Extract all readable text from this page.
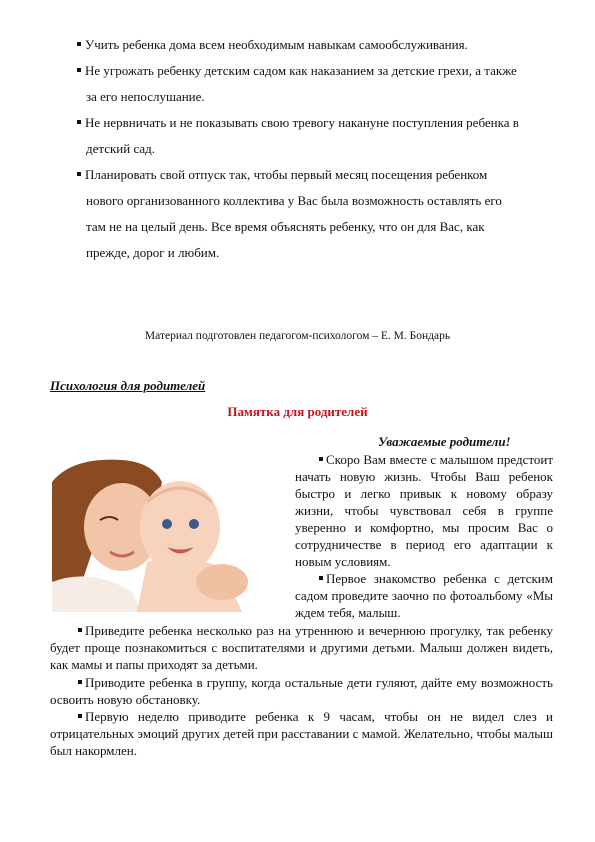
Учить ребенка дома всем необходимым навыкам самообслуживания.
Не угрожать ребенку детским садом как наказанием за детские грехи, а также
за его непослушание.
Не нервничать и не показывать свою тревогу накануне поступления ребенка в
детский сад.
Планировать свой отпуск так, чтобы первый месяц посещения ребенком
нового организованного коллектива у Вас была возможность оставлять его
там не на целый день. Все время объяснять ребенку, что он для Вас, как
прежде, дорог и любим.
Материал подготовлен педагогом-психологом – Е. М. Бондарь
Психология для родителей
Памятка для родителей
Уважаемые родители!
Скоро Вам вместе с малышом предстоит начать новую жизнь. Чтобы Ваш ребенок быстро и легко привык к новому образу жизни, чтобы чувствовал себя в группе уверенно и комфортно, мы просим Вас о сотрудничестве в период его адаптации к новым условиям.
Первое знакомство ребенка с детским садом проведите заочно по фотоальбому «Мы ждем тебя, малыш.
Приведите ребенка несколько раз на утреннюю и вечернюю прогулку, так ребенку будет проще познакомиться с воспитателями и другими детьми. Малыш должен видеть, как мамы и папы приходят за детьми.
Приводите ребенка в группу, когда остальные дети гуляют, дайте ему возможность освоить новую обстановку.
Первую неделю приводите ребенка к 9 часам, чтобы он не видел слез и отрицательных эмоций других детей при расставании с мамой. Желательно, чтобы малыш был накормлен.
